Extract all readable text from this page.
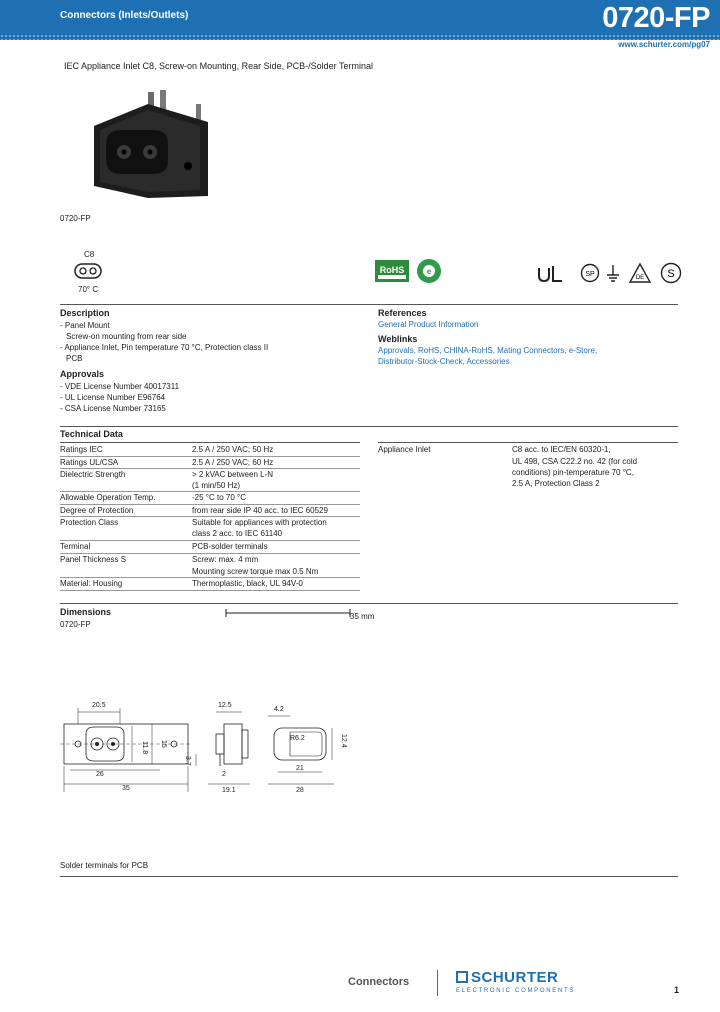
Connectors (Inlets/Outlets)	0720-FP
www.schurter.com/pg07
IEC Appliance Inlet C8, Screw-on Mounting, Rear Side, PCB-/Solder Terminal
0720-FP
C8
70° C
RoHS	e	SP	DE S
Description
- Panel Mount
Screw-on mounting from rear side
- Appliance Inlet, Pin temperature 70 °C, Protection class II
PCB
Approvals
- VDE License Number 40017311
- UL License Number E96764
- CSA License Number 73165
References
General Product Information
Weblinks
Approvals, RoHS, CHINA-RoHS, Mating Connectors, e-Store,
Distributor-Stock-Check, Accessories
Technical Data
Ratings IEC	2.5 A / 250 VAC; 50 Hz
Ratings UL/CSA	2.5 A / 250 VAC; 60 Hz
Dielectric Strength	> 2 kVAC between L-N
(1 min/50 Hz)
Allowable Operation Temp.	-25 °C to 70 °C
Degree of Protection	from rear side IP 40 acc. to IEC 60529
Protection Class	Suitable for appliances with protection
class 2 acc. to IEC 61140
Terminal	PCB-solder terminals
Panel Thickness S	Screw: max. 4 mm
Mounting screw torque max 0.5 Nm
Material: Housing	Thermoplastic, black, UL 94V-0
Appliance Inlet	C8 acc. to IEC/EN 60320-1,
UL 498, CSA C22.2 no. 42 (for cold
conditions) pin-temperature 70 °C,
2.5 A, Protection Class 2
Dimensions
0720-FP
35 mm
20.5
26
35
11.8 15
12.5
3.7
2
19.1
R6.2
4.2
12.4
21
28
Solder terminals for PCB
Connectors	SCHURTER
ELECTRONIC COMPONENTS	1
